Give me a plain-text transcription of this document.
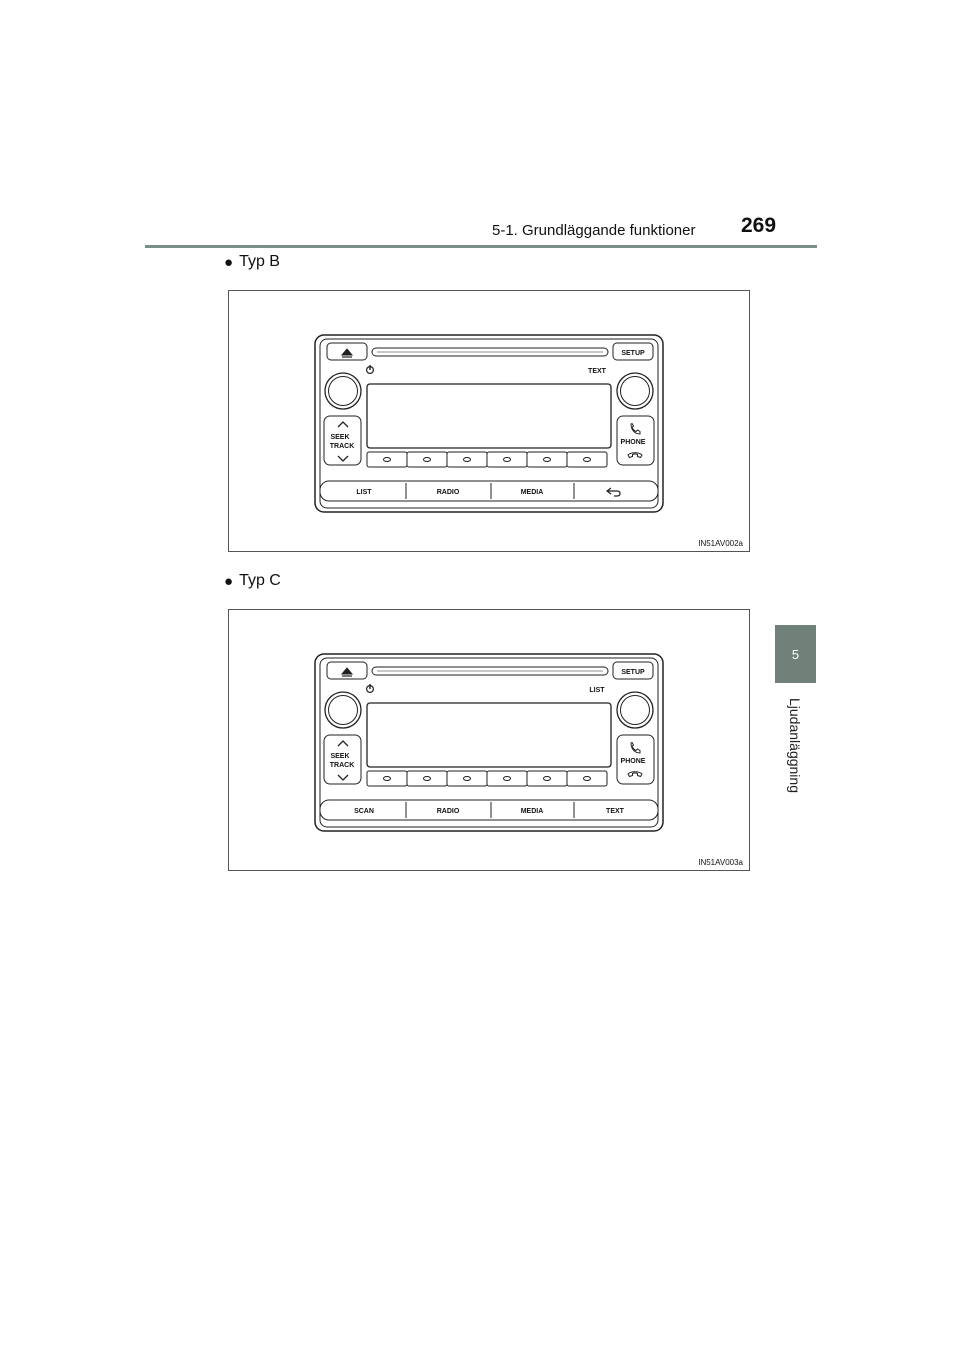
5-1. Grundläggande funktioner 269
5
Ljudanläggning
● Typ B
SETUP
TEXT
SEEK
TRACK
PHONE
LIST	RADIO	MEDIA
IN51AV002a
● Typ C
SETUP
LIST
SEEK
TRACK
PHONE
SCAN	RADIO	MEDIA	TEXT
IN51AV003a
